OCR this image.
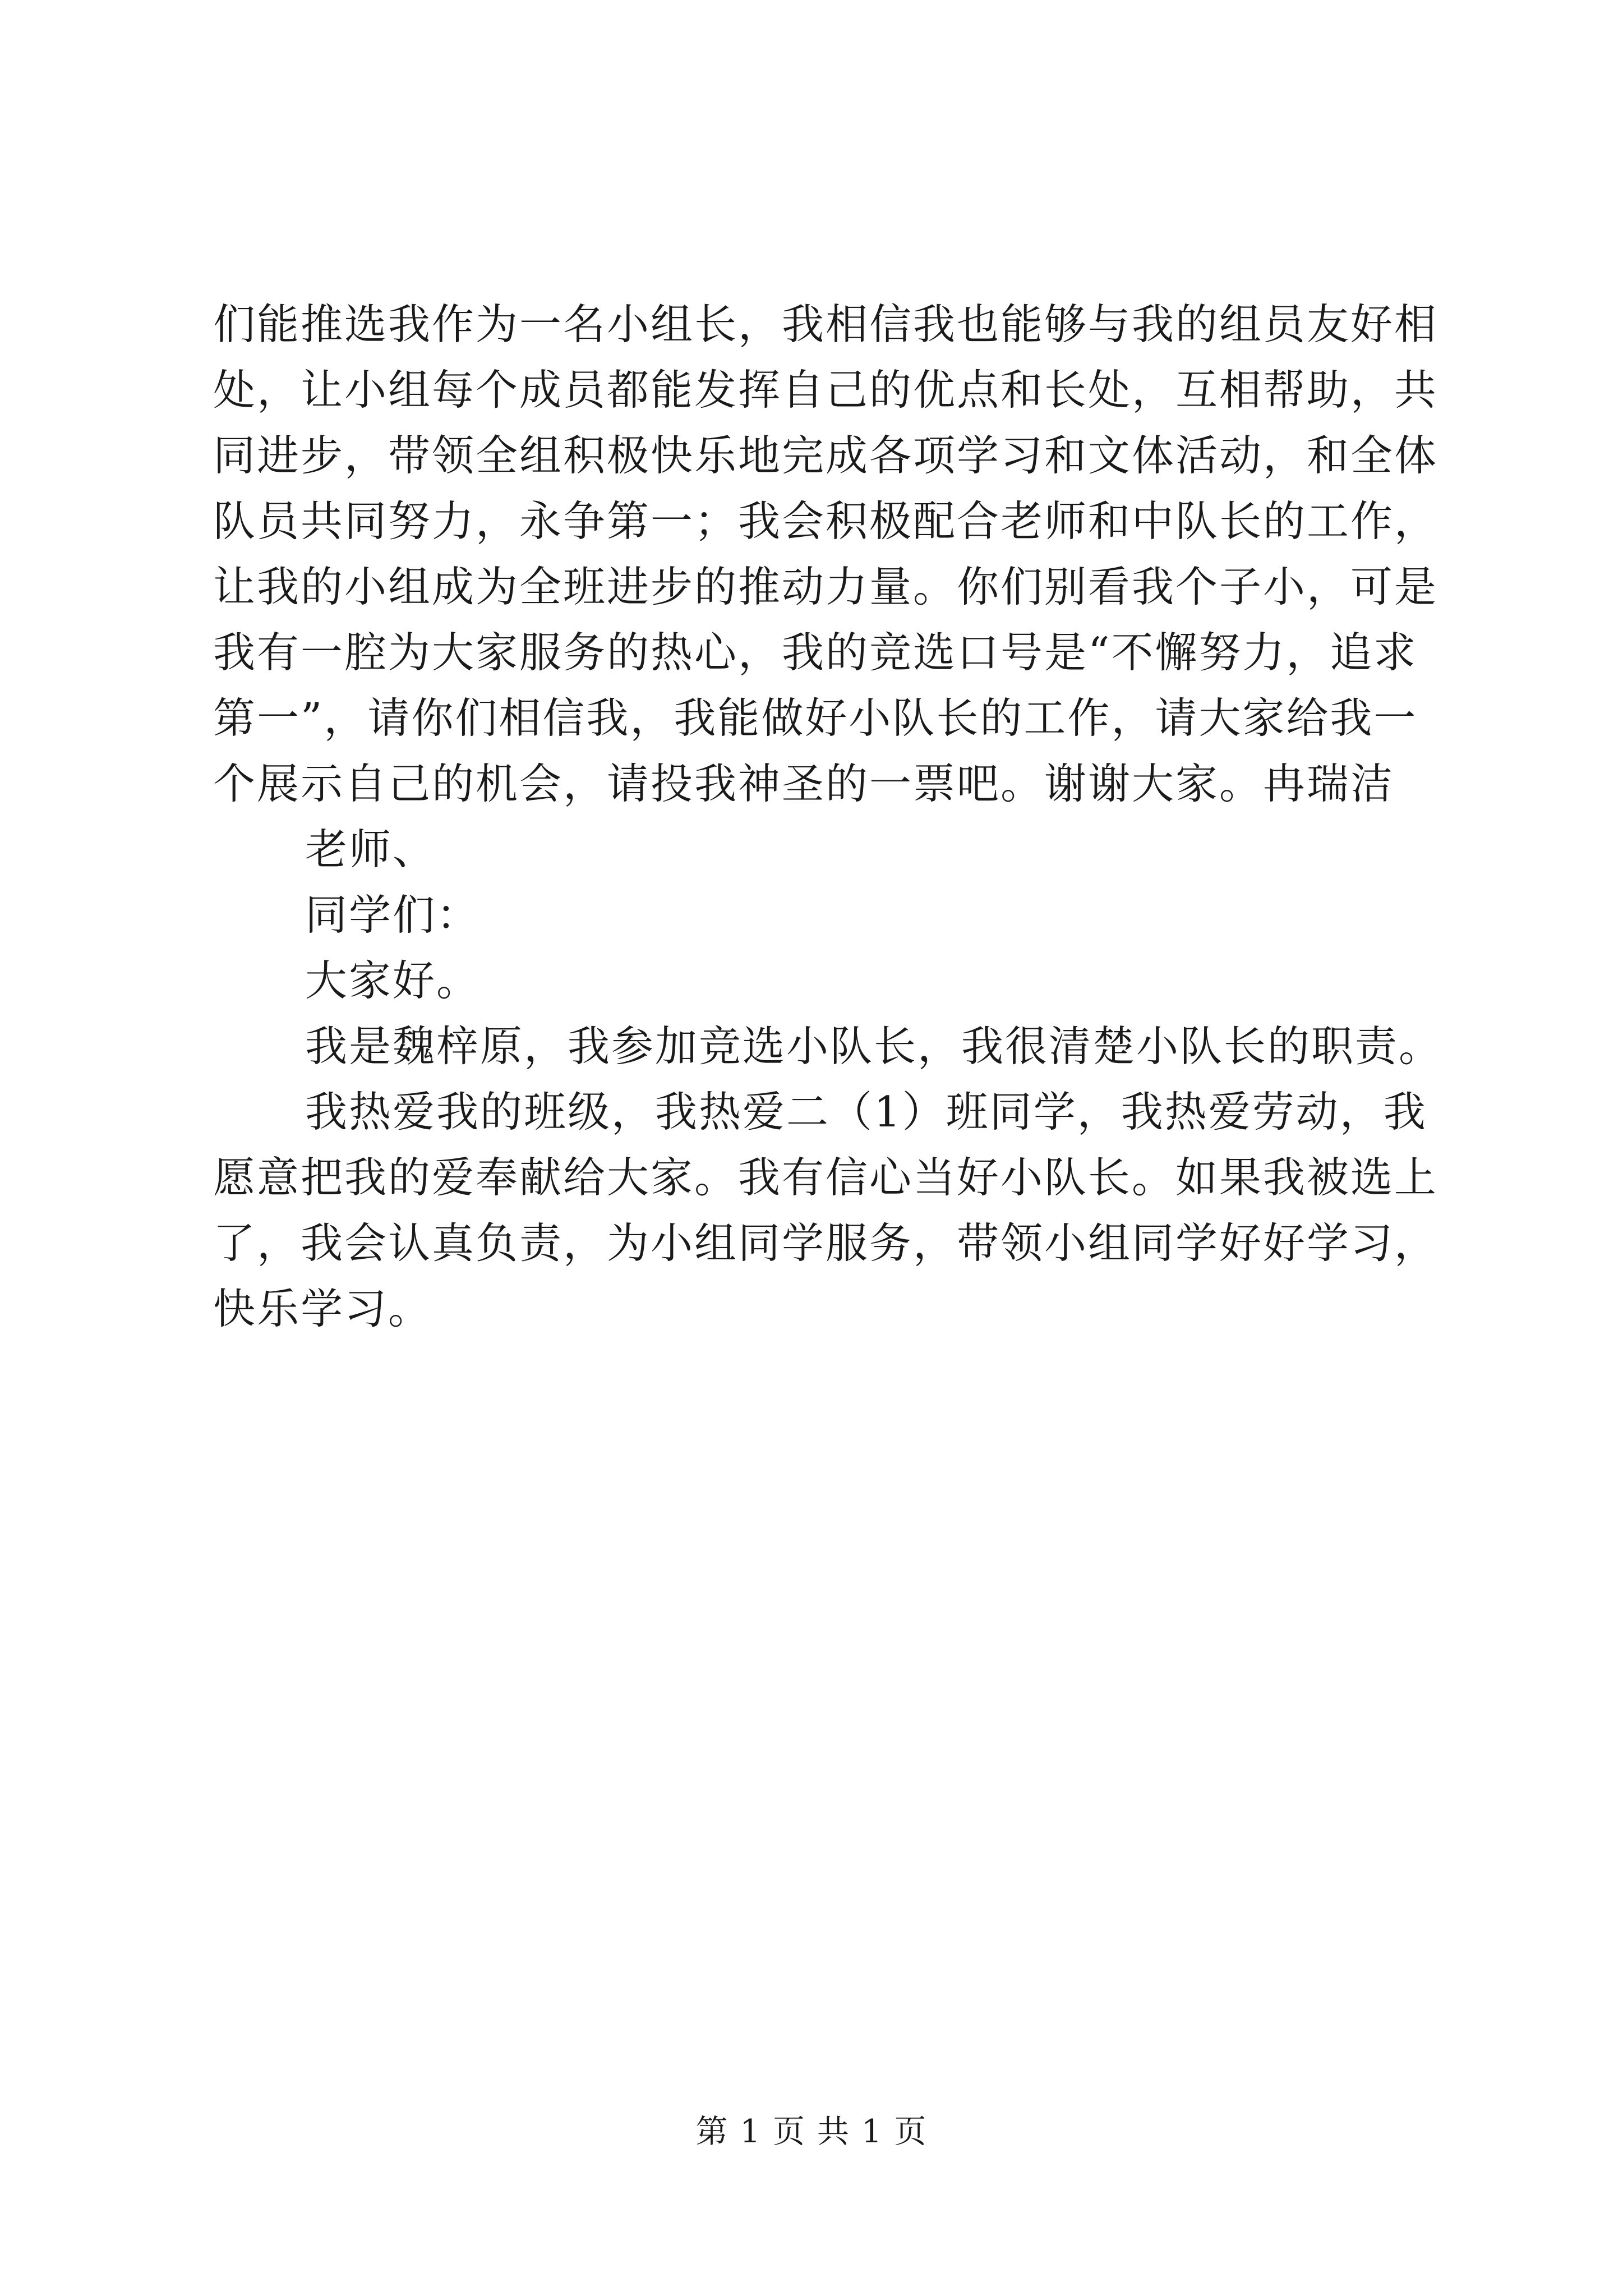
们能推选我作为一名小组长，我相信我也能够与我的组员友好相
处，让小组每个成员都能发挥自己的优点和长处，互相帮助，共
同进步，带领全组积极快乐地完成各项学习和文体活动，和全体
队员共同努力，永争第一；我会积极配合老师和中队长的工作，
让我的小组成为全班进步的推动力量。你们别看我个子小，可是
我有一腔为大家服务的热心，我的竞选口号是“不懈努力，追求
第一”，请你们相信我，我能做好小队长的工作，请大家给我一
个展示自己的机会，请投我神圣的一票吧。谢谢大家。冉瑞洁
老师、
同学们：
大家好。
我是魏梓原，我参加竞选小队长，我很清楚小队长的职责。
我热爱我的班级，我热爱二（1）班同学，我热爱劳动，我
愿意把我的爱奉献给大家。我有信心当好小队长。如果我被选上
了，我会认真负责，为小组同学服务，带领小组同学好好学习，
快乐学习。
第 1 页 共 1 页
